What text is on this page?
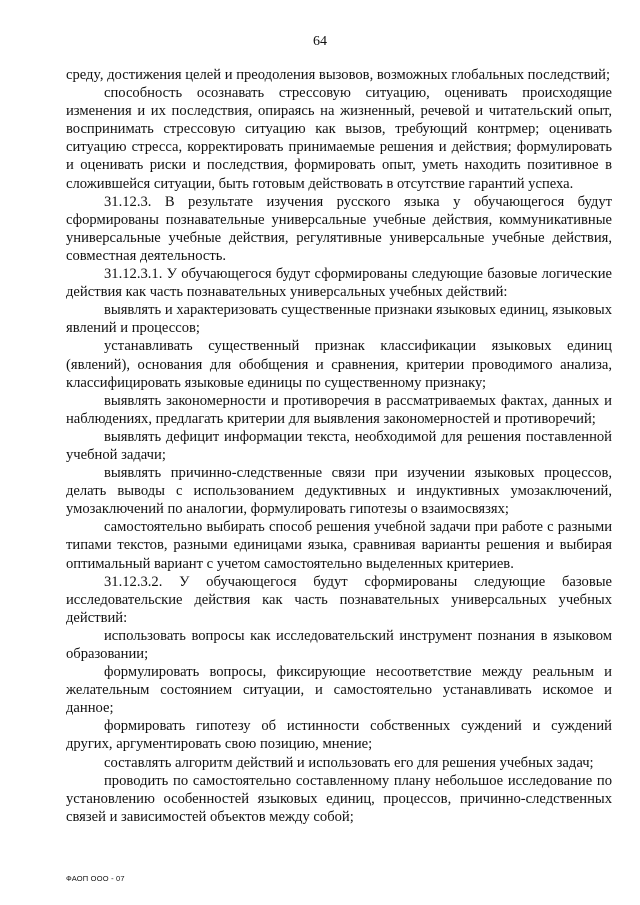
64

средy, достижения целей и преодоления вызовов, возможных глобальных последствий;

способность осознавать стрессовую ситуацию, оценивать происходящие изменения и их последствия, опираясь на жизненный, речевой и читательский опыт, воспринимать стрессовую ситуацию как вызов, требующий контрмер; оценивать ситуацию стресса, корректировать принимаемые решения и действия; формулировать и оценивать риски и последствия, формировать опыт, уметь находить позитивное в сложившейся ситуации, быть готовым действовать в отсутствие гарантий успеха.

31.12.3. В результате изучения русского языка у обучающегося будут сформированы познавательные универсальные учебные действия, коммуникативные универсальные учебные действия, регулятивные универсальные учебные действия, совместная деятельность.

31.12.3.1. У обучающегося будут сформированы следующие базовые логические действия как часть познавательных универсальных учебных действий:

выявлять и характеризовать существенные признаки языковых единиц, языковых явлений и процессов;

устанавливать существенный признак классификации языковых единиц (явлений), основания для обобщения и сравнения, критерии проводимого анализа, классифицировать языковые единицы по существенному признаку;

выявлять закономерности и противоречия в рассматриваемых фактах, данных и наблюдениях, предлагать критерии для выявления закономерностей и противоречий;

выявлять дефицит информации текста, необходимой для решения поставленной учебной задачи;

выявлять причинно-следственные связи при изучении языковых процессов, делать выводы с использованием дедуктивных и индуктивных умозаключений, умозаключений по аналогии, формулировать гипотезы о взаимосвязях;

самостоятельно выбирать способ решения учебной задачи при работе с разными типами текстов, разными единицами языка, сравнивая варианты решения и выбирая оптимальный вариант с учетом самостоятельно выделенных критериев.

31.12.3.2. У обучающегося будут сформированы следующие базовые исследовательские действия как часть познавательных универсальных учебных действий:

использовать вопросы как исследовательский инструмент познания в языковом образовании;

формулировать вопросы, фиксирующие несоответствие между реальным и желательным состоянием ситуации, и самостоятельно устанавливать искомое и данное;

формировать гипотезу об истинности собственных суждений и суждений других, аргументировать свою позицию, мнение;

составлять алгоритм действий и использовать его для решения учебных задач;

проводить по самостоятельно составленному плану небольшое исследование по установлению особенностей языковых единиц, процессов, причинно-следственных связей и зависимостей объектов между собой;

ФАОП ООО - 07
